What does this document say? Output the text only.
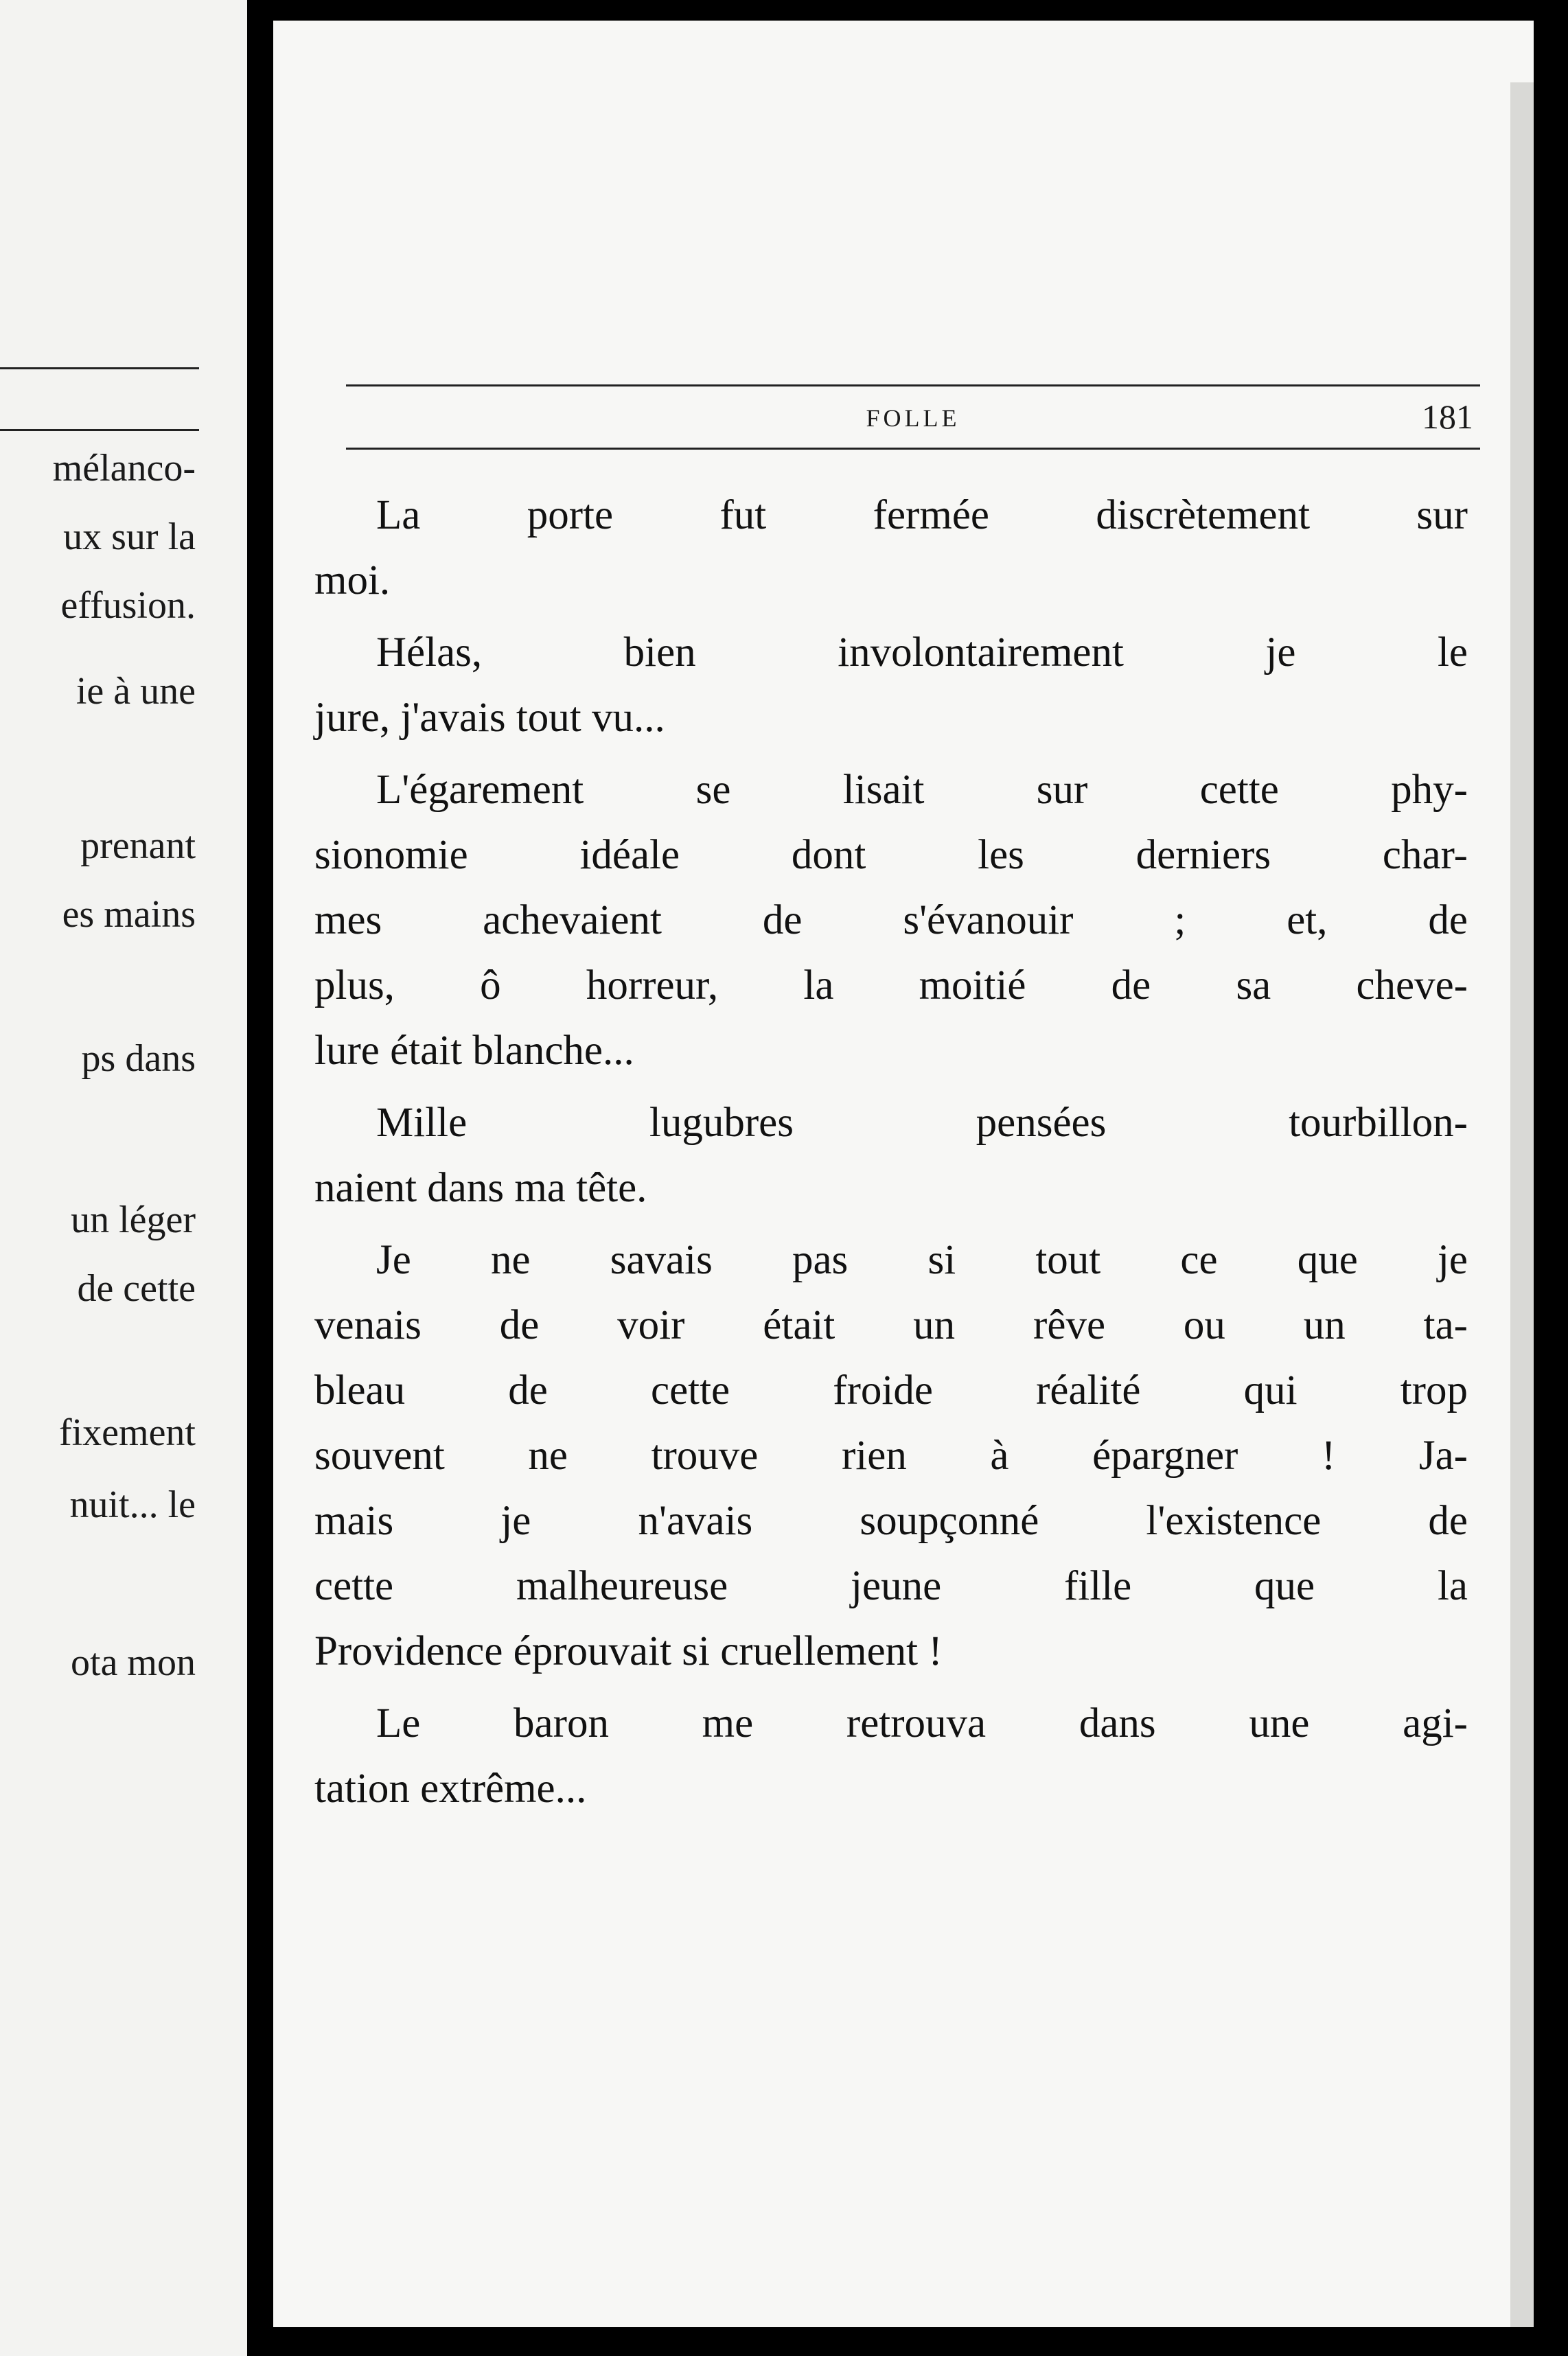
mélanco-

ux sur la

effusion.

ie à une

prenant

es mains

ps dans

un léger

de cette

fixement

nuit... le

ota mon

FOLLE	181

La porte fut fermée discrètement sur

moi.

Hélas, bien involontairement je le

jure, j'avais tout vu...

L'égarement se lisait sur cette phy-

sionomie idéale dont les derniers char-

mes achevaient de s'évanouir ; et, de

plus, ô horreur, la moitié de sa cheve-

lure était blanche...

Mille lugubres pensées tourbillon-

naient dans ma tête.

Je ne savais pas si tout ce que je

venais de voir était un rêve ou un ta-

bleau de cette froide réalité qui trop

souvent ne trouve rien à épargner ! Ja-

mais je n'avais soupçonné l'existence de

cette malheureuse jeune fille que la

Providence éprouvait si cruellement !

Le baron me retrouva dans une agi-

tation extrême...
